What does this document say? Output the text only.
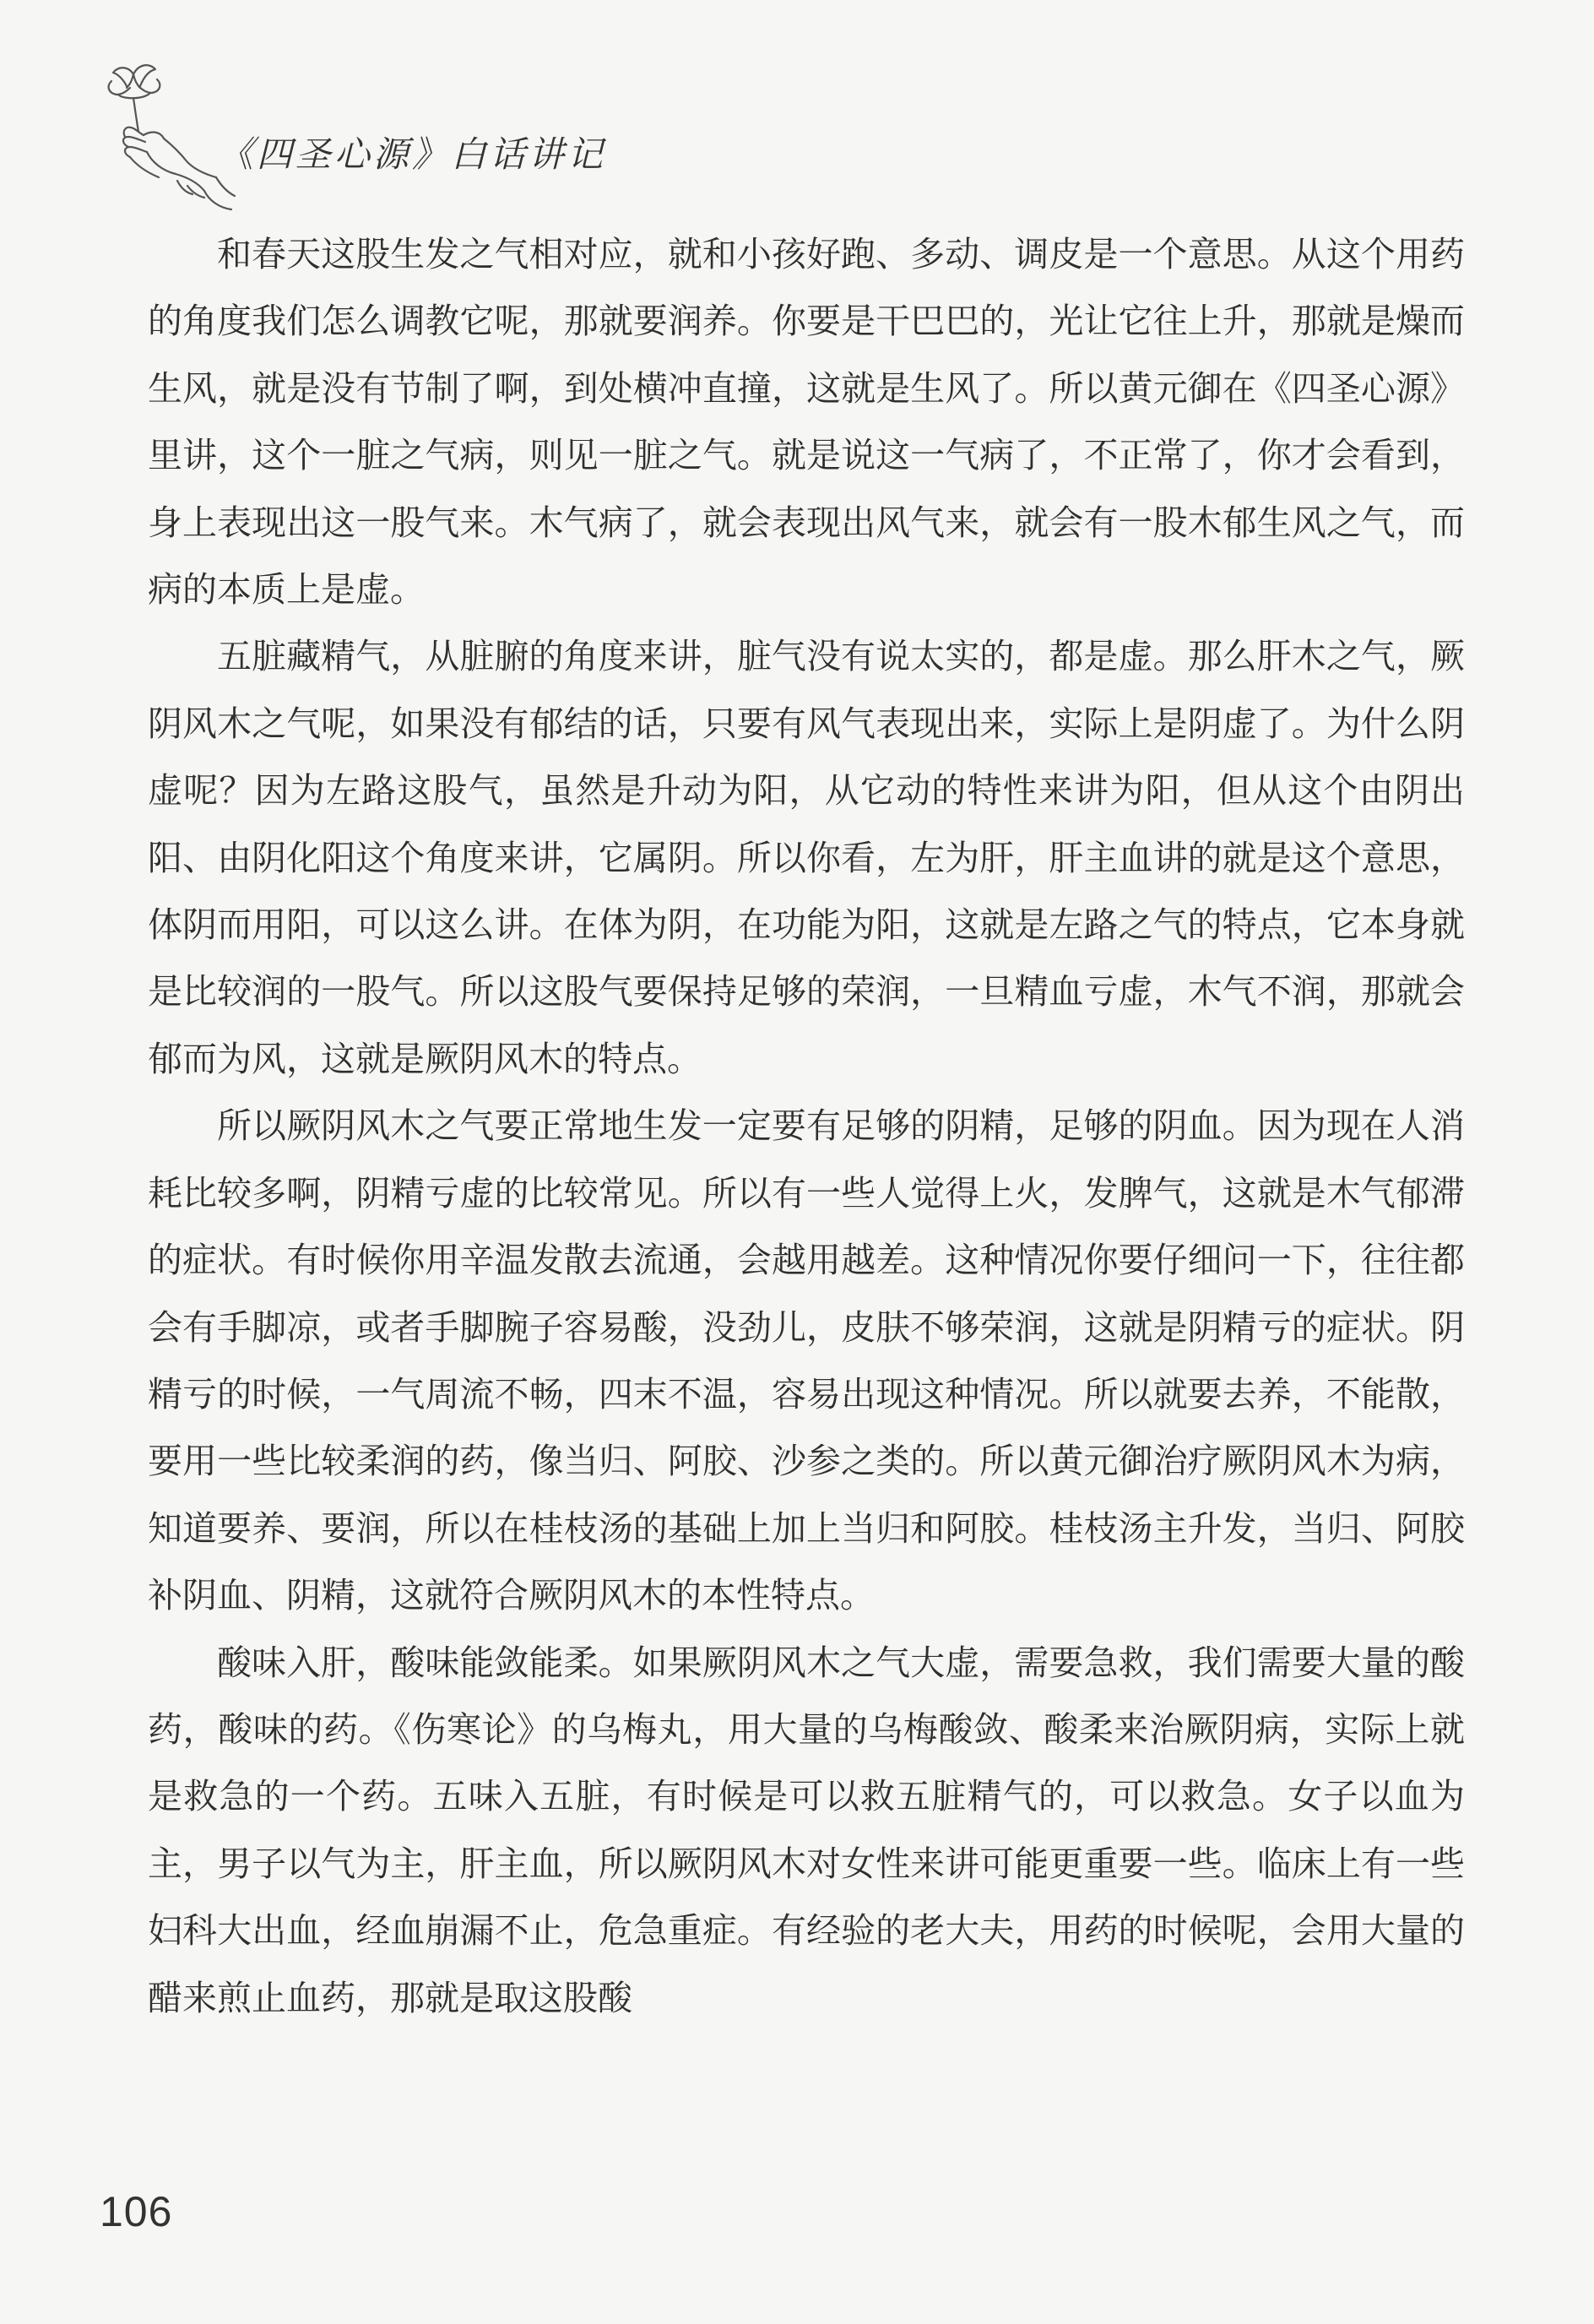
《四圣心源》白话讲记

和春天这股生发之气相对应，就和小孩好跑、多动、调皮是一个意思。从这个用药的角度我们怎么调教它呢，那就要润养。你要是干巴巴的，光让它往上升，那就是燥而生风，就是没有节制了啊，到处横冲直撞，这就是生风了。所以黄元御在《四圣心源》里讲，这个一脏之气病，则见一脏之气。就是说这一气病了，不正常了，你才会看到，身上表现出这一股气来。木气病了，就会表现出风气来，就会有一股木郁生风之气，而病的本质上是虚。

五脏藏精气，从脏腑的角度来讲，脏气没有说太实的，都是虚。那么肝木之气，厥阴风木之气呢，如果没有郁结的话，只要有风气表现出来，实际上是阴虚了。为什么阴虚呢？因为左路这股气，虽然是升动为阳，从它动的特性来讲为阳，但从这个由阴出阳、由阴化阳这个角度来讲，它属阴。所以你看，左为肝，肝主血讲的就是这个意思，体阴而用阳，可以这么讲。在体为阴，在功能为阳，这就是左路之气的特点，它本身就是比较润的一股气。所以这股气要保持足够的荣润，一旦精血亏虚，木气不润，那就会郁而为风，这就是厥阴风木的特点。

所以厥阴风木之气要正常地生发一定要有足够的阴精，足够的阴血。因为现在人消耗比较多啊，阴精亏虚的比较常见。所以有一些人觉得上火，发脾气，这就是木气郁滞的症状。有时候你用辛温发散去流通，会越用越差。这种情况你要仔细问一下，往往都会有手脚凉，或者手脚腕子容易酸，没劲儿，皮肤不够荣润，这就是阴精亏的症状。阴精亏的时候，一气周流不畅，四末不温，容易出现这种情况。所以就要去养，不能散，要用一些比较柔润的药，像当归、阿胶、沙参之类的。所以黄元御治疗厥阴风木为病，知道要养、要润，所以在桂枝汤的基础上加上当归和阿胶。桂枝汤主升发，当归、阿胶补阴血、阴精，这就符合厥阴风木的本性特点。

酸味入肝，酸味能敛能柔。如果厥阴风木之气大虚，需要急救，我们需要大量的酸药，酸味的药。《伤寒论》的乌梅丸，用大量的乌梅酸敛、酸柔来治厥阴病，实际上就是救急的一个药。五味入五脏，有时候是可以救五脏精气的，可以救急。女子以血为主，男子以气为主，肝主血，所以厥阴风木对女性来讲可能更重要一些。临床上有一些妇科大出血，经血崩漏不止，危急重症。有经验的老大夫，用药的时候呢，会用大量的醋来煎止血药，那就是取这股酸

106
